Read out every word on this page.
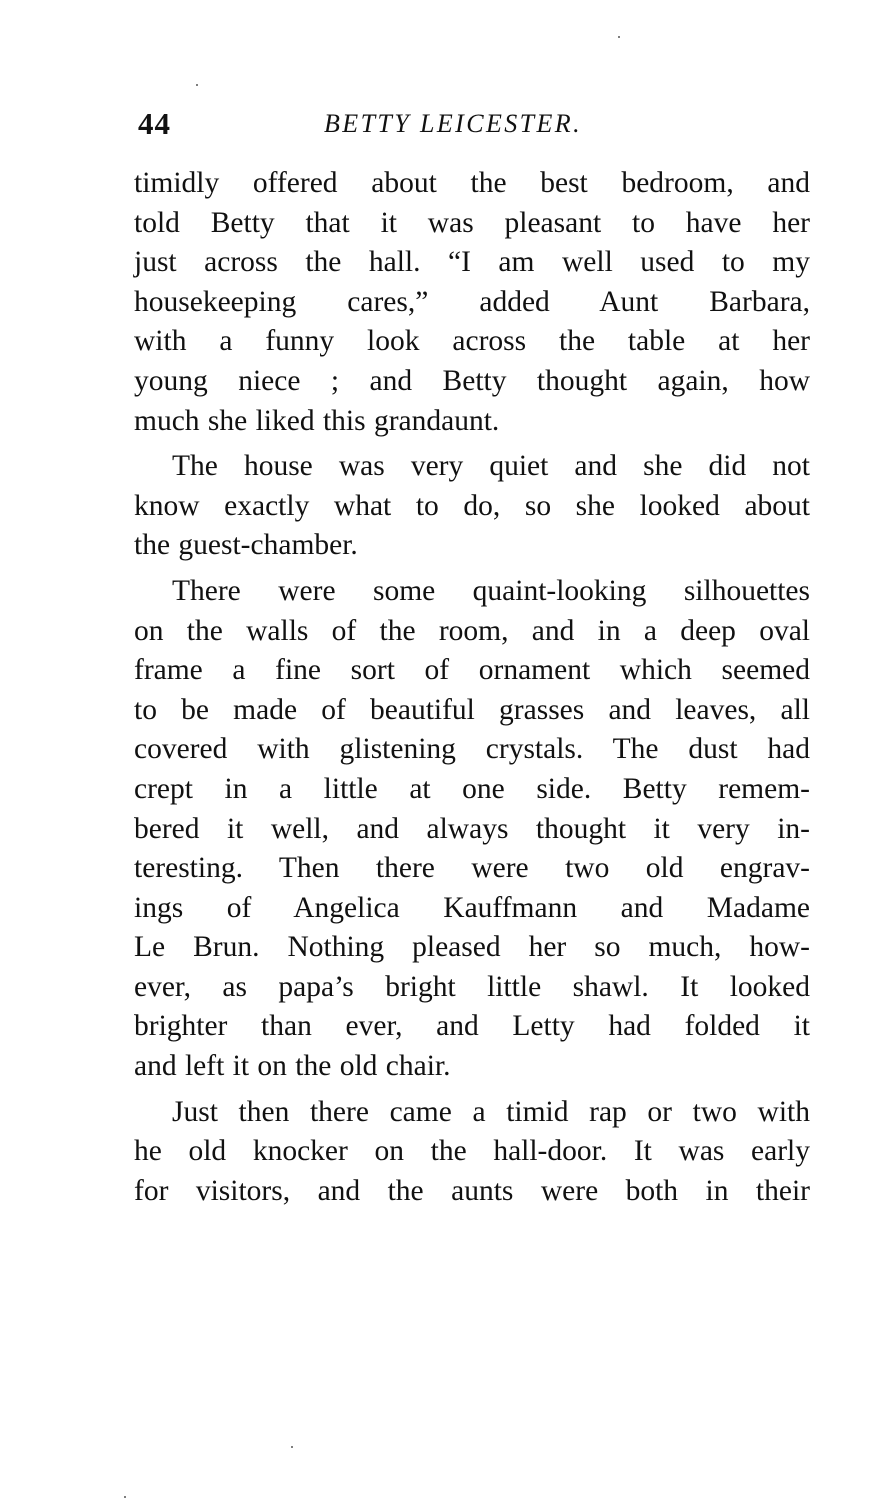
44	BETTY LEICESTER.
timidly offered about the best bedroom, and
told Betty that it was pleasant to have her
just across the hall. “I am well used to my
housekeeping cares,” added Aunt Barbara,
with a funny look across the table at her
young niece ; and Betty thought again, how
much she liked this grandaunt.
The house was very quiet and she did not
know exactly what to do, so she looked about
the guest-chamber.
There were some quaint-looking silhouettes
on the walls of the room, and in a deep oval
frame a fine sort of ornament which seemed
to be made of beautiful grasses and leaves, all
covered with glistening crystals. The dust had
crept in a little at one side. Betty remem-
bered it well, and always thought it very in-
teresting. Then there were two old engrav-
ings of Angelica Kauffmann and Madame
Le Brun. Nothing pleased her so much, how-
ever, as papa’s bright little shawl. It looked
brighter than ever, and Letty had folded it
and left it on the old chair.
Just then there came a timid rap or two with
he old knocker on the hall-door. It was early
for visitors, and the aunts were both in their
